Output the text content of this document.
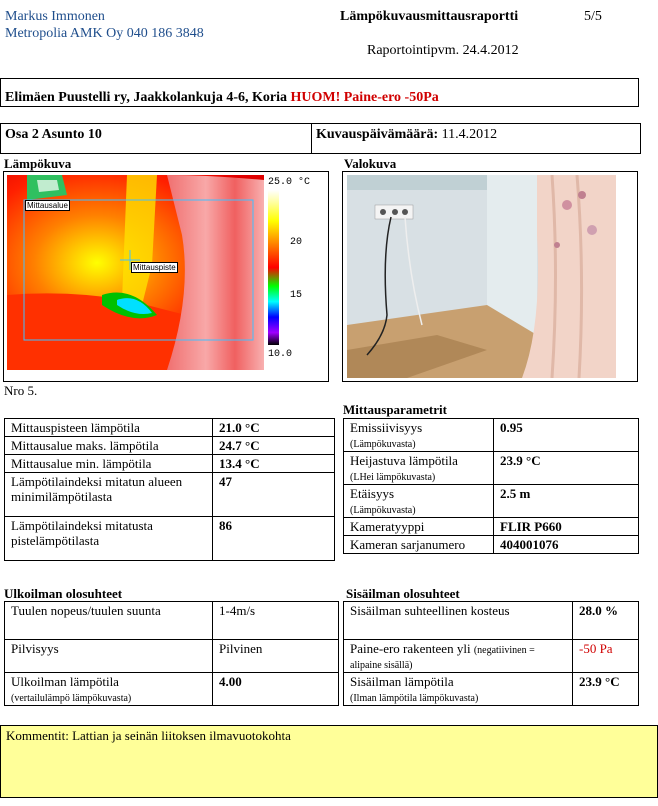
Markus Immonen
Metropolia AMK Oy 040 186 3848
Lämpökuvausmittausraportti	5/5
Raportointipvm. 24.4.2012
Elimäen Puustelli ry, Jaakkolankuja 4-6, Koria HUOM! Paine-ero -50Pa
Osa 2 Asunto 10	Kuvauspäivämäärä: 11.4.2012
Lämpökuva	Valokuva
Mittausalue
Mittauspiste
25.0 °C
20
15
10.0
Nro 5.
Mittauspisteen lämpötila	21.0 °C
Mittausalue maks. lämpötila	24.7 °C
Mittausalue min. lämpötila	13.4 °C
Lämpötilaindeksi mitatun alueen minimilämpötilasta	47
Lämpötilaindeksi mitatusta pistelämpötilasta	86
Mittausparametrit
Emissiivisyys
(Lämpökuvasta)	0.95
Heijastuva lämpötila
(LHei lämpökuvasta)	23.9 °C
Etäisyys
(Lämpökuvasta)	2.5 m
Kameratyyppi	FLIR P660
Kameran sarjanumero	404001076
Ulkoilman olosuhteet
Tuulen nopeus/tuulen suunta	1-4m/s
Pilvisyys	Pilvinen
Ulkoilman lämpötila
(vertailulämpö lämpökuvasta)	4.00
Sisäilman olosuhteet
Sisäilman suhteellinen kosteus	28.0 %
Paine-ero rakenteen yli (negatiivinen = alipaine sisällä)	-50 Pa
Sisäilman lämpötila
(Ilman lämpötila lämpökuvasta)	23.9 °C
Kommentit: Lattian ja seinän liitoksen ilmavuotokohta
